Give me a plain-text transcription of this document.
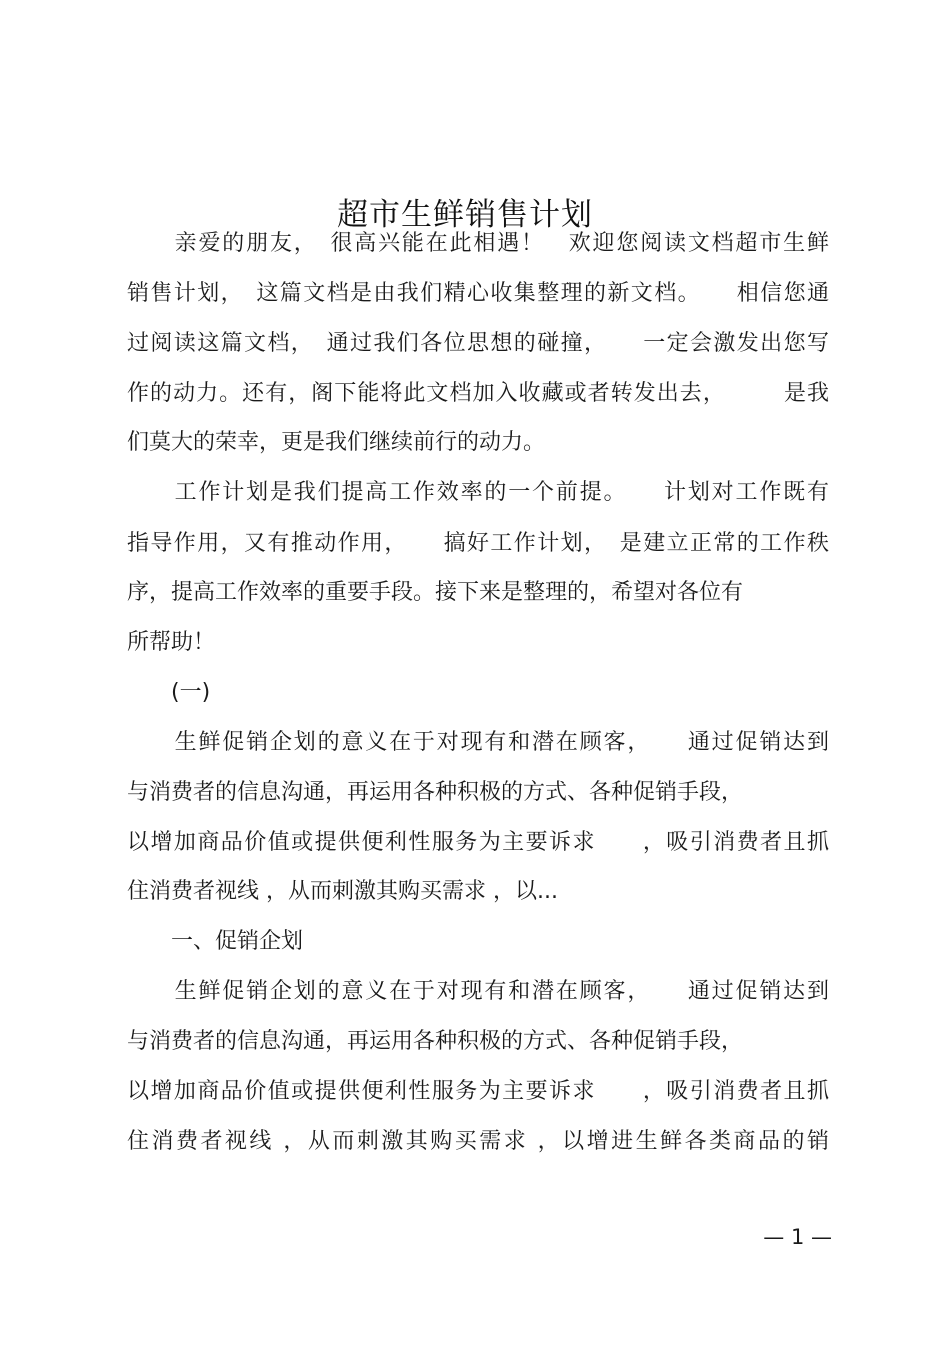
超市生鲜销售计划
　　亲爱的朋友，　很高兴能在此相遇！　欢迎您阅读文档超市生鲜
销售计划，　这篇文档是由我们精心收集整理的新文档。　　相信您通
过阅读这篇文档，　通过我们各位思想的碰撞，　　一定会激发出您写
作的动力。还有，阁下能将此文档加入收藏或者转发出去，　　　是我
们莫大的荣幸，更是我们继续前行的动力。
　　工作计划是我们提高工作效率的一个前提。　　计划对工作既有
指导作用，又有推动作用，　　搞好工作计划，　是建立正常的工作秩
序，提高工作效率的重要手段。接下来是整理的，希望对各位有
所帮助！
　　(一)
　　生鲜促销企划的意义在于对现有和潜在顾客，　　通过促销达到
与消费者的信息沟通，再运用各种积极的方式、各种促销手段，
以增加商品价值或提供便利性服务为主要诉求　　，吸引消费者且抓
住消费者视线 ，从而刺激其购买需求 ，以...
　　一、促销企划
　　生鲜促销企划的意义在于对现有和潜在顾客，　　通过促销达到
与消费者的信息沟通，再运用各种积极的方式、各种促销手段，
以增加商品价值或提供便利性服务为主要诉求　　，吸引消费者且抓
住消费者视线 ，从而刺激其购买需求 ，以增进生鲜各类商品的销
— 1 —
